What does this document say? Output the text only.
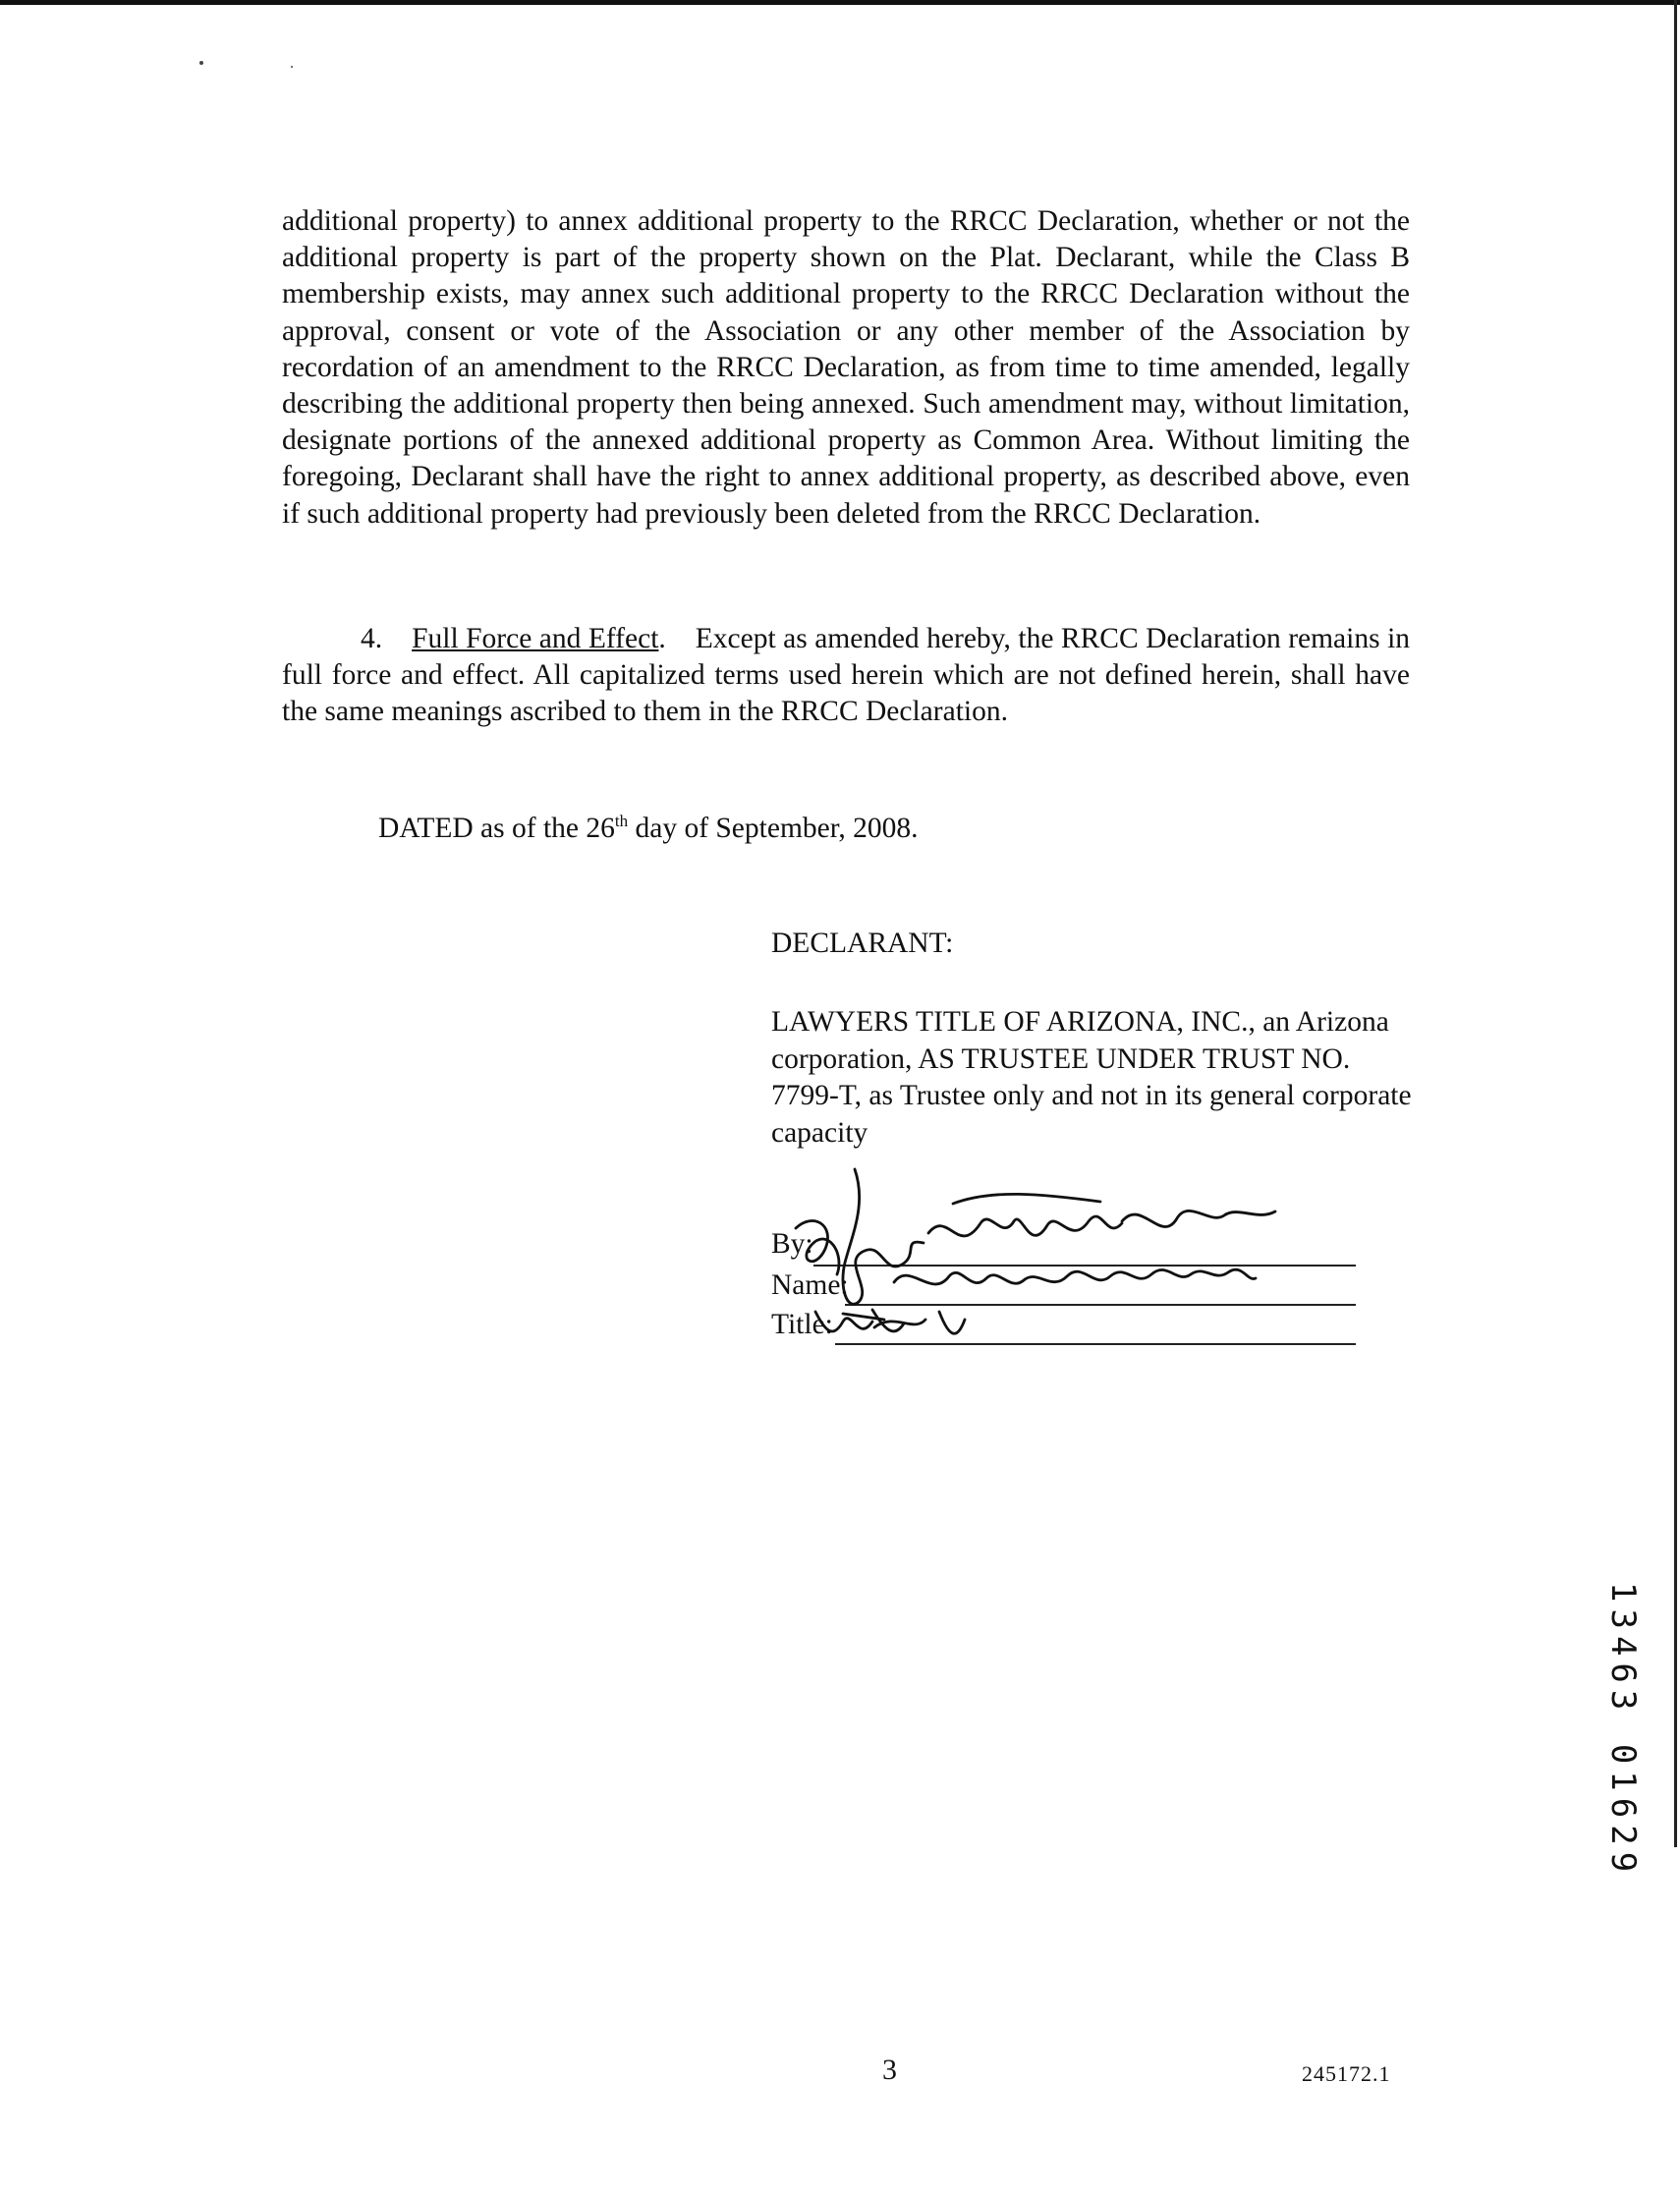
additional property) to annex additional property to the RRCC Declaration, whether or not the additional property is part of the property shown on the Plat. Declarant, while the Class B membership exists, may annex such additional property to the RRCC Declaration without the approval, consent or vote of the Association or any other member of the Association by recordation of an amendment to the RRCC Declaration, as from time to time amended, legally describing the additional property then being annexed. Such amendment may, without limitation, designate portions of the annexed additional property as Common Area. Without limiting the foregoing, Declarant shall have the right to annex additional property, as described above, even if such additional property had previously been deleted from the RRCC Declaration.

4. Full Force and Effect.    Except as amended hereby, the RRCC Declaration remains in full force and effect. All capitalized terms used herein which are not defined herein, shall have the same meanings ascribed to them in the RRCC Declaration.

DATED as of the 26th day of September, 2008.
DECLARANT:

LAWYERS TITLE OF ARIZONA, INC., an Arizona corporation, AS TRUSTEE UNDER TRUST NO. 7799-T, as Trustee only and not in its general corporate capacity

By:
Name:
Title:
3	245172.1
13463 01629
